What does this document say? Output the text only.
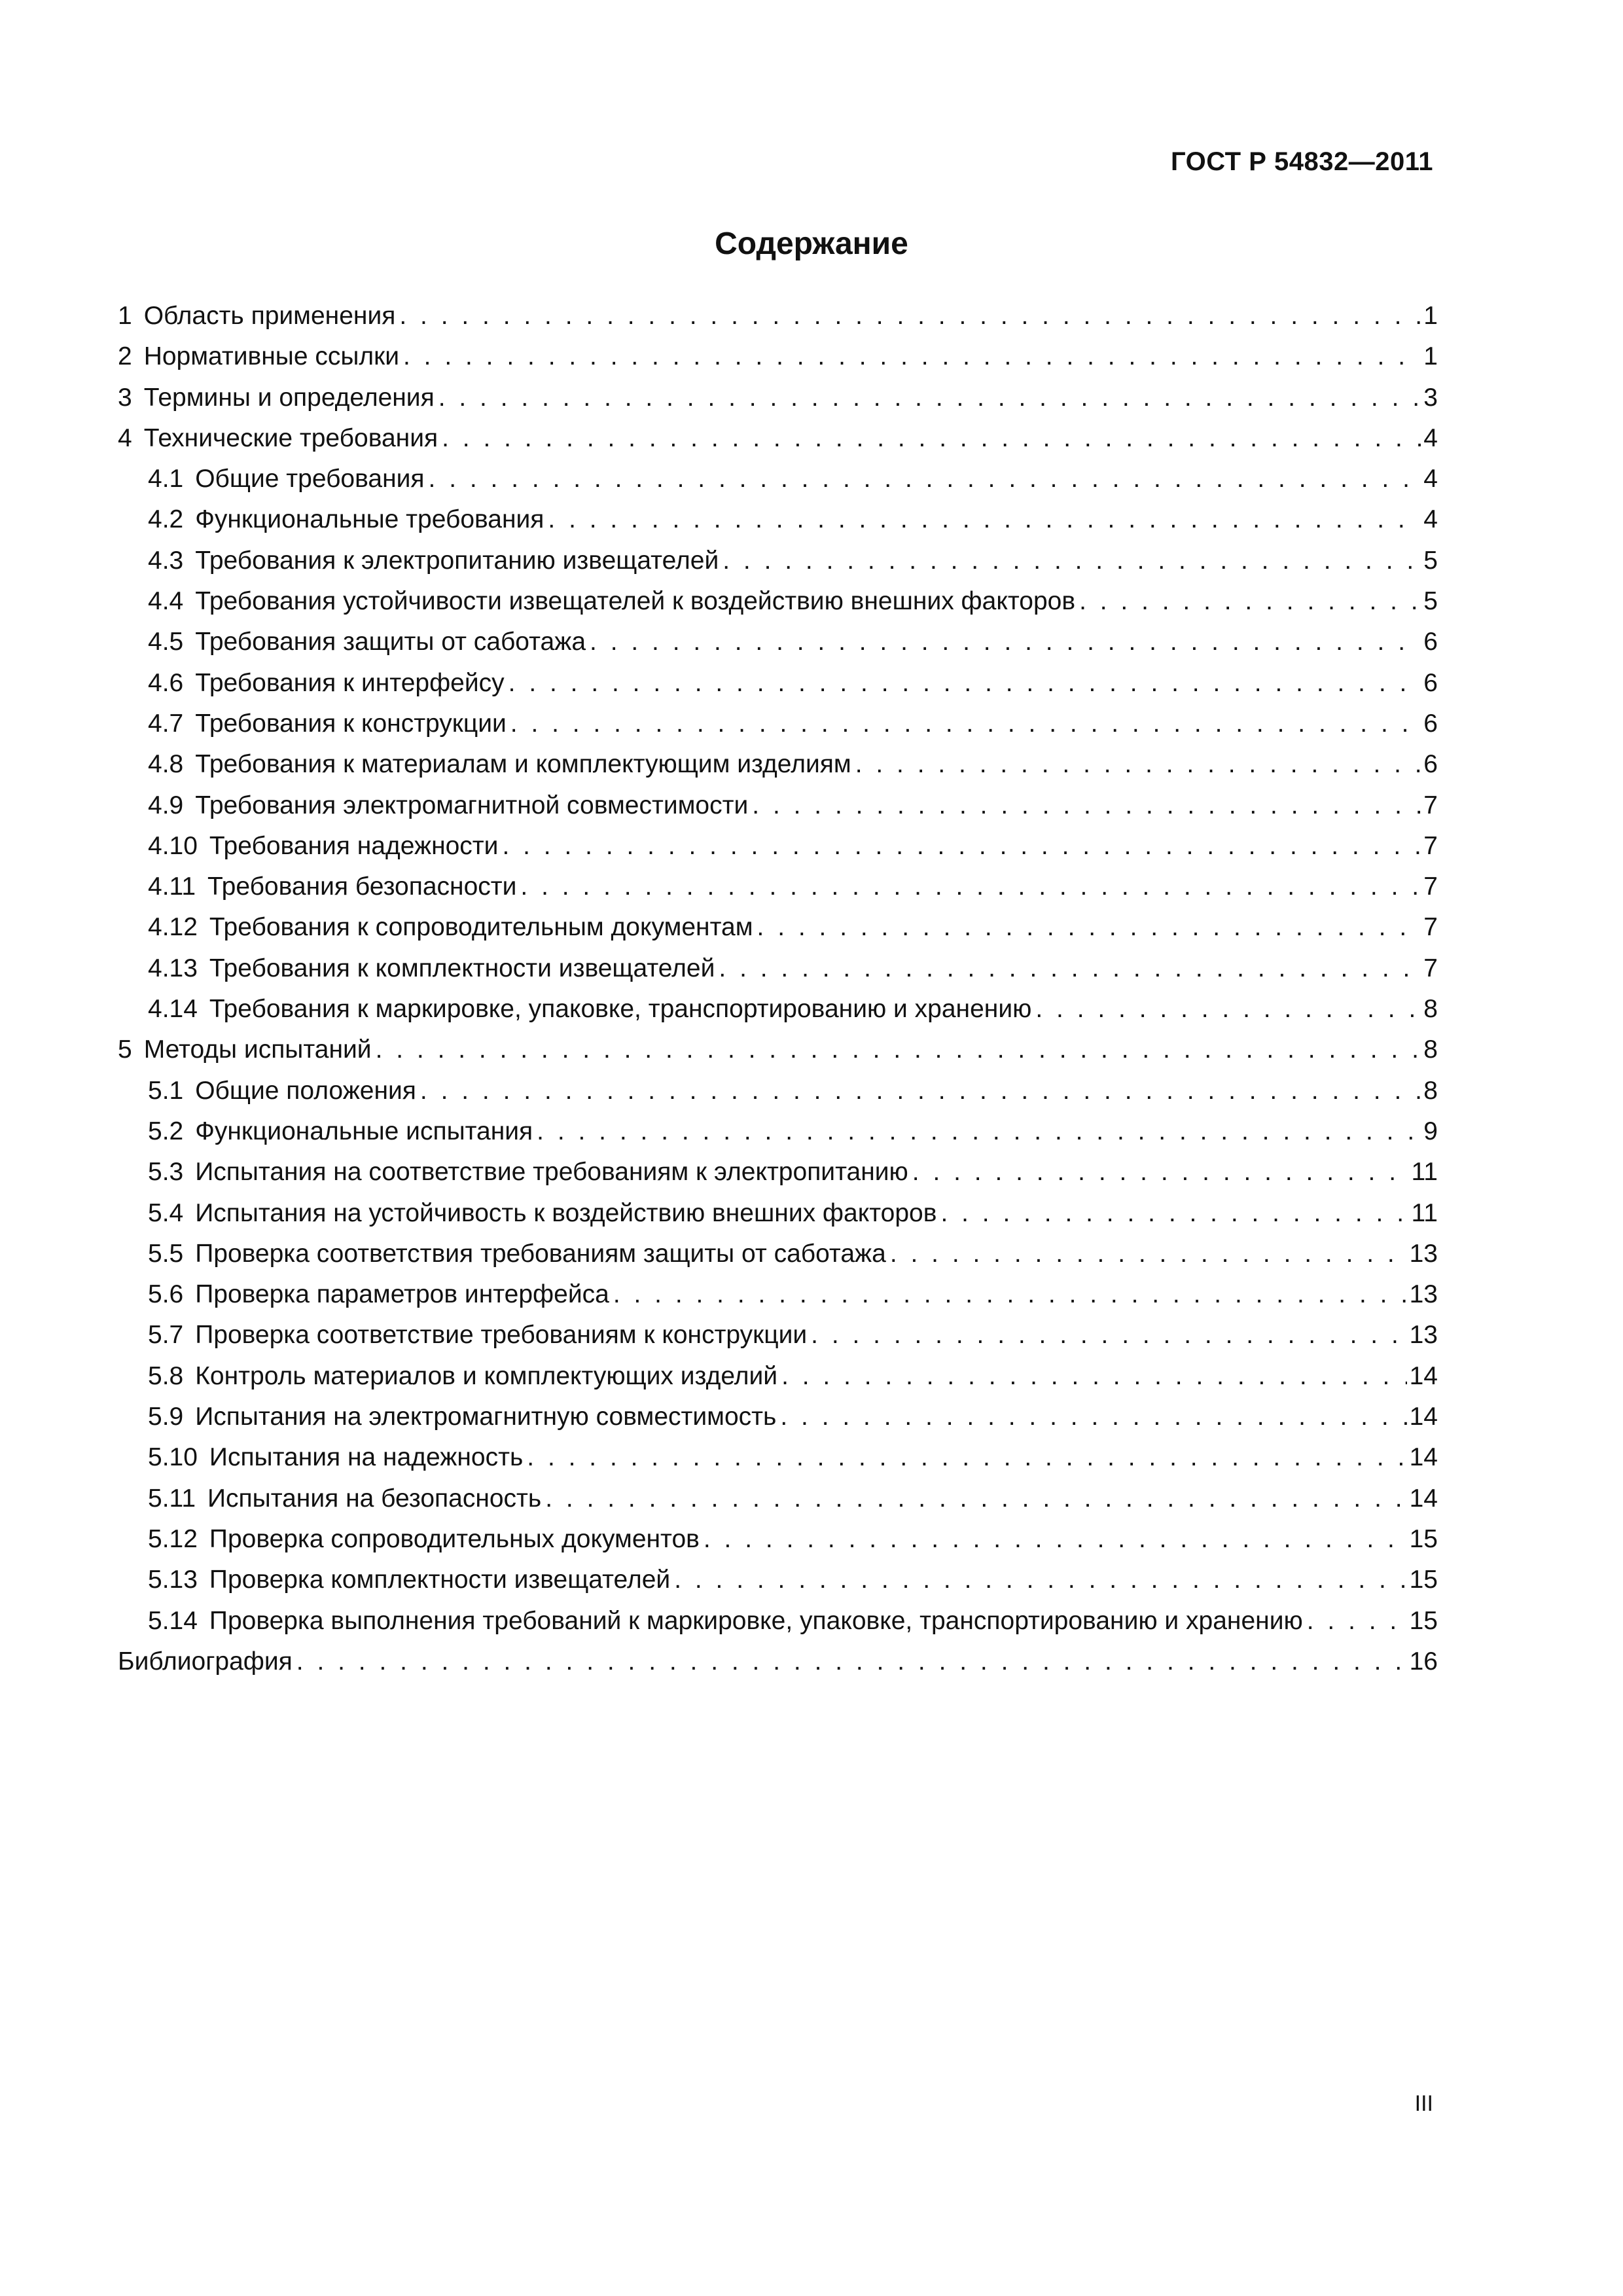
ГОСТ Р 54832—2011
Содержание
1 Область применения . . .	1
2 Нормативные ссылки . . .	1
3 Термины и определения . . .	3
4 Технические требования . . .	4
4.1 Общие требования . . .	4
4.2 Функциональные требования . . .	4
4.3 Требования к электропитанию извещателей . . .	5
4.4 Требования устойчивости извещателей к воздействию внешних факторов . . .	5
4.5 Требования защиты от саботажа . . .	6
4.6 Требования к интерфейсу . . .	6
4.7 Требования к конструкции . . .	6
4.8 Требования к материалам и комплектующим изделиям . . .	6
4.9 Требования электромагнитной совместимости . . .	7
4.10 Требования надежности . . .	7
4.11 Требования безопасности . . .	7
4.12 Требования к сопроводительным документам . . .	7
4.13 Требования к комплектности извещателей . . .	7
4.14 Требования к маркировке, упаковке, транспортированию и хранению . . .	8
5 Методы испытаний . . .	8
5.1 Общие положения . . .	8
5.2 Функциональные испытания . . .	9
5.3 Испытания на соответствие требованиям к электропитанию . . .	11
5.4 Испытания на устойчивость к воздействию внешних факторов . . .	11
5.5 Проверка соответствия требованиям защиты от саботажа . . .	13
5.6 Проверка параметров интерфейса . . .	13
5.7 Проверка соответствие требованиям к конструкции . . .	13
5.8 Контроль материалов и комплектующих изделий . . .	14
5.9 Испытания на электромагнитную совместимость . . .	14
5.10 Испытания на надежность . . .	14
5.11 Испытания на безопасность . . .	14
5.12 Проверка сопроводительных документов . . .	15
5.13 Проверка комплектности извещателей . . .	15
5.14 Проверка выполнения требований к маркировке, упаковке, транспортированию и хранению . . .	15
Библиография . . .	16
III
